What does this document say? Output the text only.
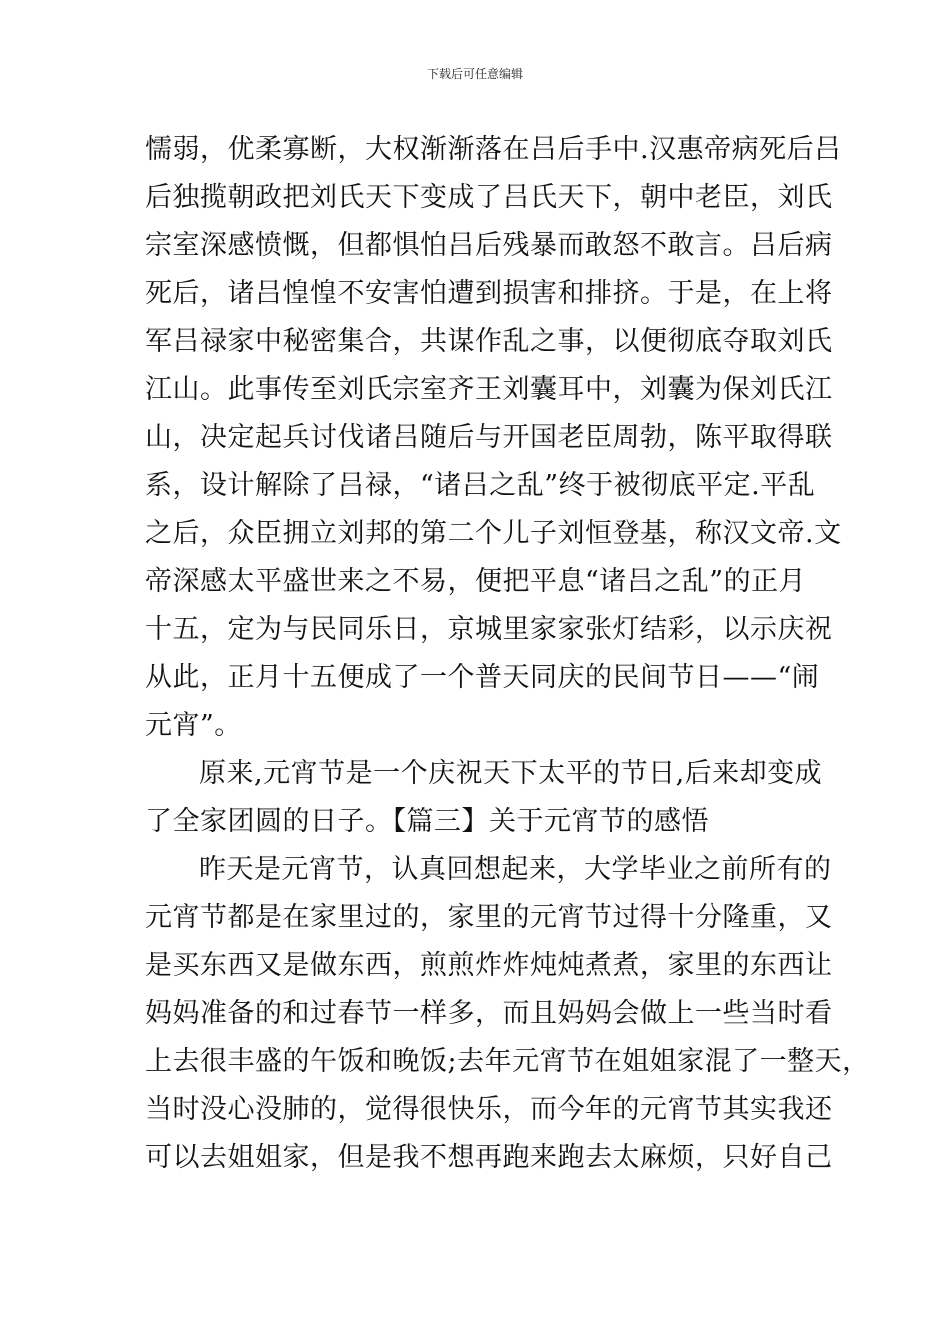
下载后可任意编辑
懦弱，优柔寡断，大权渐渐落在吕后手中.汉惠帝病死后吕
后独揽朝政把刘氏天下变成了吕氏天下，朝中老臣，刘氏
宗室深感愤慨，但都惧怕吕后残暴而敢怒不敢言。吕后病
死后，诸吕惶惶不安害怕遭到损害和排挤。于是，在上将
军吕禄家中秘密集合，共谋作乱之事，以便彻底夺取刘氏
江山。此事传至刘氏宗室齐王刘囊耳中，刘囊为保刘氏江
山，决定起兵讨伐诸吕随后与开国老臣周勃，陈平取得联
系，设计解除了吕禄，“诸吕之乱”终于被彻底平定.平乱
之后，众臣拥立刘邦的第二个儿子刘恒登基，称汉文帝.文
帝深感太平盛世来之不易，便把平息“诸吕之乱”的正月
十五，定为与民同乐日，京城里家家张灯结彩，以示庆祝
从此，正月十五便成了一个普天同庆的民间节日——“闹
元宵”。
原来,元宵节是一个庆祝天下太平的节日,后来却变成
了全家团圆的日子。【篇三】关于元宵节的感悟
昨天是元宵节，认真回想起来，大学毕业之前所有的
元宵节都是在家里过的，家里的元宵节过得十分隆重，又
是买东西又是做东西，煎煎炸炸炖炖煮煮，家里的东西让
妈妈准备的和过春节一样多，而且妈妈会做上一些当时看
上去很丰盛的午饭和晚饭;去年元宵节在姐姐家混了一整天，
当时没心没肺的，觉得很快乐，而今年的元宵节其实我还
可以去姐姐家，但是我不想再跑来跑去太麻烦，只好自己
